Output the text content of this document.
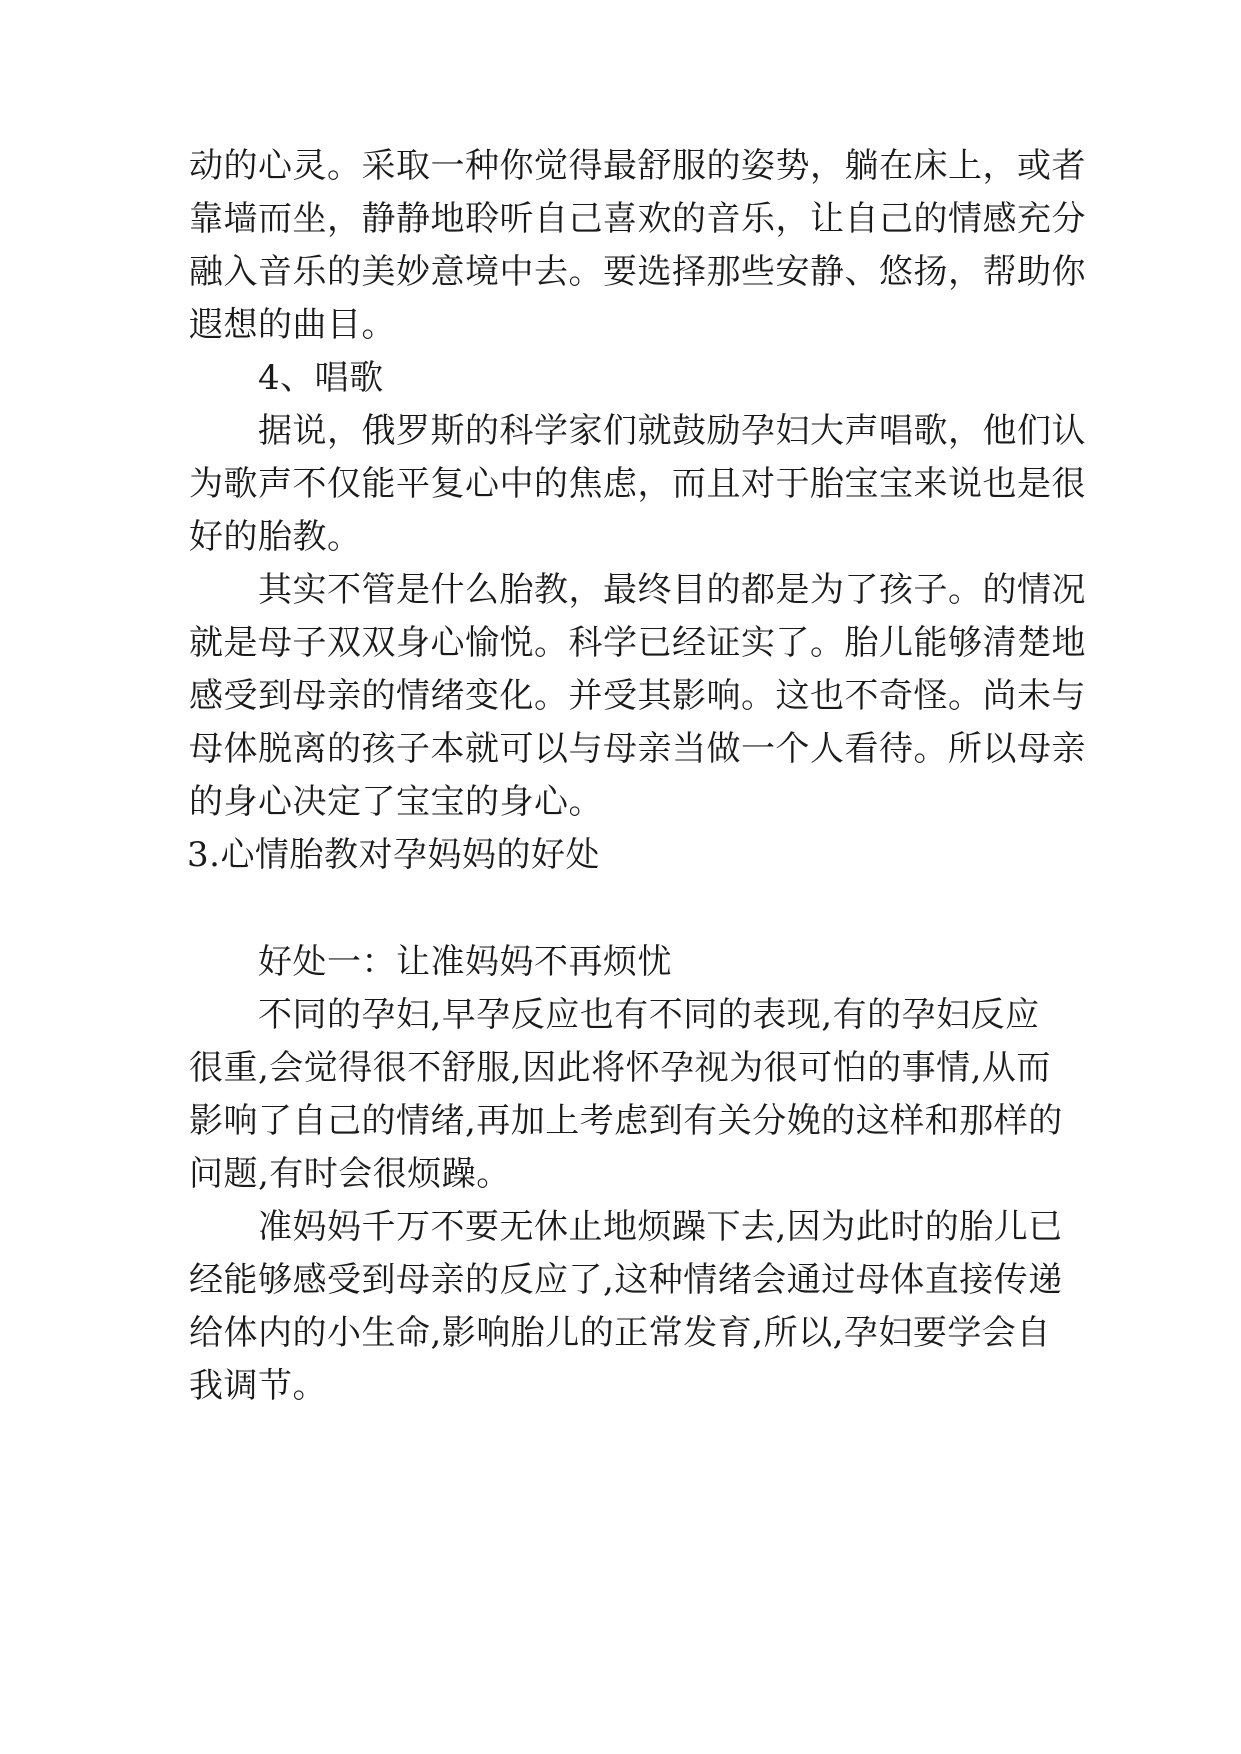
动的心灵。采取一种你觉得最舒服的姿势，躺在床上，或者
靠墙而坐，静静地聆听自己喜欢的音乐，让自己的情感充分
融入音乐的美妙意境中去。要选择那些安静、悠扬，帮助你
遐想的曲目。
4、唱歌
据说，俄罗斯的科学家们就鼓励孕妇大声唱歌，他们认
为歌声不仅能平复心中的焦虑，而且对于胎宝宝来说也是很
好的胎教。
其实不管是什么胎教，最终目的都是为了孩子。的情况
就是母子双双身心愉悦。科学已经证实了。胎儿能够清楚地
感受到母亲的情绪变化。并受其影响。这也不奇怪。尚未与
母体脱离的孩子本就可以与母亲当做一个人看待。所以母亲
的身心决定了宝宝的身心。
3.心情胎教对孕妈妈的好处
好处一：让准妈妈不再烦忧
不同的孕妇,早孕反应也有不同的表现,有的孕妇反应
很重,会觉得很不舒服,因此将怀孕视为很可怕的事情,从而
影响了自己的情绪,再加上考虑到有关分娩的这样和那样的
问题,有时会很烦躁。
准妈妈千万不要无休止地烦躁下去,因为此时的胎儿已
经能够感受到母亲的反应了,这种情绪会通过母体直接传递
给体内的小生命,影响胎儿的正常发育,所以,孕妇要学会自
我调节。
